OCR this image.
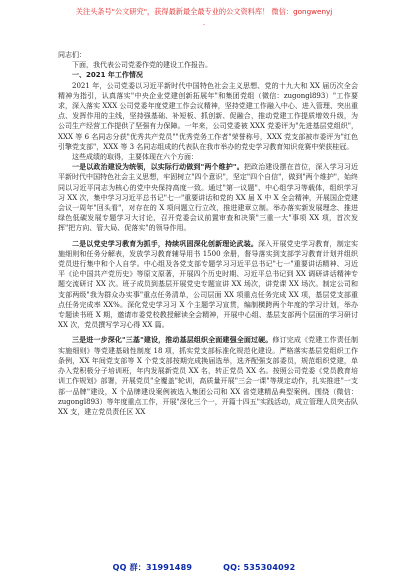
关注头条号"公文研究"，获得最新最全最专业的公文资料库！ 微信：gongwenyj
.

同志们：

下面，我代表公司党委作党的建设工作报告。

一、2021 年工作情况

2021 年，公司党委以习近平新时代中国特色社会主义思想、党的十九大和 XX 届历次全会精神为指引，认真落实"中央企业党建创新拓展年"和集团党组（微信：zugongl893）"工作要求，深入落实 XXX 公司党委年度党建工作会议精神，坚持党建工作融入中心、进入管理、突出重点、发挥作用的主线，坚持强基础、补短板、抓创新、促融合，推动党建工作提质增效升级，为公司生产经营工作提供了坚强有力保障。一年来，公司党委被 XXX 党委评为"先进基层党组织"，XXX 等 6 名同志分获"优秀共产党员""优秀党务工作者"荣誉称号，XXX 党支部被市委评为"红色引擎党支部"，XXX 等 3 名同志组成的代表队在我市举办的党史学习教育知识竞赛中荣获桂冠。

这些成绩的取得，主要体现在六个方面：

一是以政治建设为统领，以实际行动做到"两个维护"。把政治建设摆在首位，深入学习习近平新时代中国特色社会主义思想，牢固树立"四个意识"，坚定"四个自信"，做到"两个维护"，始终同以习近平同志为核心的党中央保持高度一致。通过"第一议题"、中心组学习等载体，组织学习习 XX 次，集中学习习近平总书记"七一"重要讲话和党的 XX 届 X 中 X 全会精神，开展国企党建会议一周年"回头看"，对存在的 X 项问题立行立改，推进建章立制。举办落实新发展理念、推进绿色低碳发展专题学习大讨论，召开党委会议前置审查和决策"三重一大"事项 XX 项，首次发挥"把方向、管大局、促落实"的领导作用。

二是以党史学习教育为抓手，持续巩固深化创新理论武装。深入开展党史学习教育，制定实施细则和任务分解表，发放学习教育辅导用书 1500 余册，督导落实到支部学习教育计划并组织党员进行集中和个人自学。中心组及各党支部专题学习习近平总书记"七一"重要讲话精神、习近平《论中国共产党历史》等原文原著，开展四个历史时期、习近平总书记到 XX 调研讲话精神专题交流研讨 XX 次。班子成员到基层开展党史专题宣讲 XX 场次，讲党课 XX 场次。制定公司和支部两级"我为群众办实事"重点任务清单，公司层面 XX 项重点任务完成 XX 项，基层党支部重点任务完成率 XX%。深化党史学习习 X 个主题学习宣贯，编制横跨两个年度的学习计划，举办专题读书班 X 期，邀请市委党校教授解读全会精神，开展中心组、基层支部两个层面的学习研讨 XX 次，党员撰写学习心得 XX 篇。

三是进一步深化"三基"建设，推动基层组织全面建强全面过硬。修订完成《党建工作责任制实施细则》等党建基础性制度 18 项，抓实党支部标准化规范化建设。严格落实基层党组织工作条例，XX 年间党支部等 X 个党支部按期完成换届选举，选齐配强支部委员，规范组织党建，单办入党积极分子培训班，年内发展新党员 XX 名，转正党员 XX 名。按照公司党委《党员教育培训工作规划》部署，开展党员"全覆盖"轮训，高质量开展"三会一课"等规定动作，扎实推进"一支部一品牌"建设，X 个品牌建设案例被选入集团公司和 XX 省党建精品典型案例。围绕（微信：zugongl893）等年度重点工作，开展"深化三个一，开篇十四五"实践活动，成立管理人员突击队 XX 支，建立党员责任区 XX

QQ 群：31991489	QQ: 535304092
